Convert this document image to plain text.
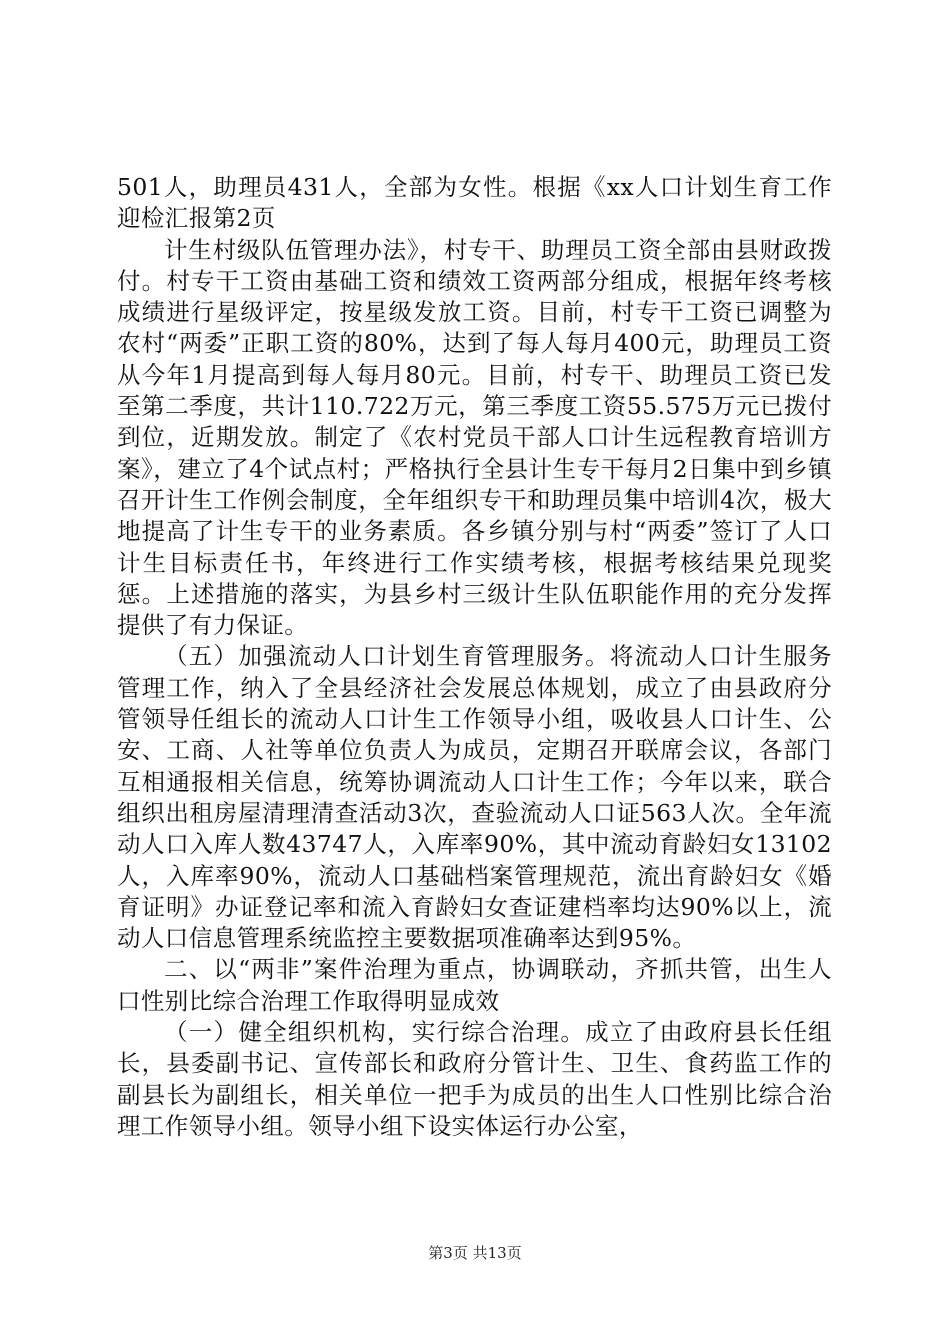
501人，助理员431人，全部为女性。根据《xx人口计划生育工作迎检汇报第2页

计生村级队伍管理办法》，村专干、助理员工资全部由县财政拨付。村专干工资由基础工资和绩效工资两部分组成，根据年终考核成绩进行星级评定，按星级发放工资。目前，村专干工资已调整为农村“两委”正职工资的80%，达到了每人每月400元，助理员工资从今年1月提高到每人每月80元。目前，村专干、助理员工资已发至第二季度，共计110.722万元，第三季度工资55.575万元已拨付到位，近期发放。制定了《农村党员干部人口计生远程教育培训方案》，建立了4个试点村；严格执行全县计生专干每月2日集中到乡镇召开计生工作例会制度，全年组织专干和助理员集中培训4次，极大地提高了计生专干的业务素质。各乡镇分别与村“两委”签订了人口计生目标责任书，年终进行工作实绩考核，根据考核结果兑现奖惩。上述措施的落实，为县乡村三级计生队伍职能作用的充分发挥提供了有力保证。

（五）加强流动人口计划生育管理服务。将流动人口计生服务管理工作，纳入了全县经济社会发展总体规划，成立了由县政府分管领导任组长的流动人口计生工作领导小组，吸收县人口计生、公安、工商、人社等单位负责人为成员，定期召开联席会议，各部门互相通报相关信息，统筹协调流动人口计生工作；今年以来，联合组织出租房屋清理清查活动3次，查验流动人口证563人次。全年流动人口入库人数43747人，入库率90%，其中流动育龄妇女13102人，入库率90%，流动人口基础档案管理规范，流出育龄妇女《婚育证明》办证登记率和流入育龄妇女查证建档率均达90%以上，流动人口信息管理系统监控主要数据项准确率达到95%。

二、以“两非”案件治理为重点，协调联动，齐抓共管，出生人口性别比综合治理工作取得明显成效

（一）健全组织机构，实行综合治理。成立了由政府县长任组长，县委副书记、宣传部长和政府分管计生、卫生、食药监工作的副县长为副组长，相关单位一把手为成员的出生人口性别比综合治理工作领导小组。领导小组下设实体运行办公室，

第3页 共13页
